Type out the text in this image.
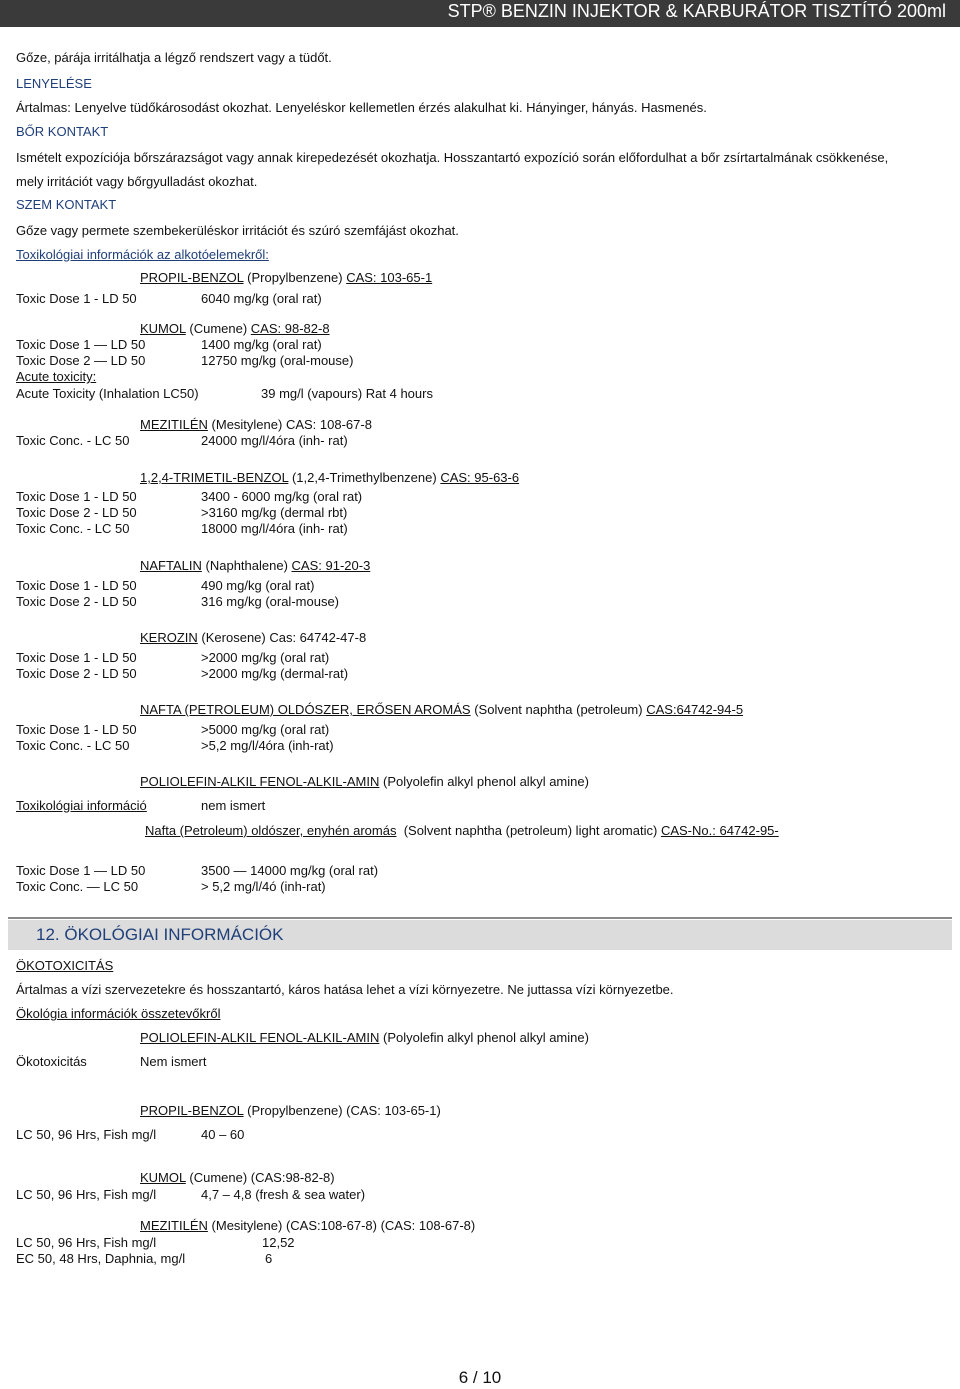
STP® BENZIN INJEKTOR & KARBURÁTOR TISZTÍTÓ 200ml
Gőze, párája irritálhatja a légző rendszert vagy a tüdőt.
LENYELÉSE
Ártalmas: Lenyelve tüdőkárosodást okozhat. Lenyeléskor kellemetlen érzés alakulhat ki. Hányinger, hányás. Hasmenés.
BŐR KONTAKT
Ismételt expozíciója bőrszárazságot vagy annak kirepedezését okozhatja. Hosszantartó expozíció során előfordulhat a bőr zsírtartalmának csökkenése,
mely irritációt vagy bőrgyulladást okozhat.
SZEM KONTAKT
Gőze vagy permete szembekerüléskor irritációt és szúró szemfájást okozhat.
Toxikológiai információk az alkotóelemekről:
PROPIL-BENZOL (Propylbenzene) CAS: 103-65-1
Toxic Dose 1 - LD 50	6040 mg/kg (oral rat)
KUMOL (Cumene) CAS: 98-82-8
Toxic Dose 1 — LD 50	1400 mg/kg (oral rat)
Toxic Dose 2 — LD 50	12750 mg/kg (oral-mouse)
Acute toxicity:
Acute Toxicity (Inhalation LC50)	39 mg/l (vapours) Rat 4 hours
MEZITILÉN (Mesitylene) CAS: 108-67-8
Toxic Conc. - LC 50	24000 mg/l/4óra (inh- rat)
1,2,4-TRIMETIL-BENZOL (1,2,4-Trimethylbenzene) CAS: 95-63-6
Toxic Dose 1 - LD 50	3400 - 6000 mg/kg (oral rat)
Toxic Dose 2 - LD 50	>3160 mg/kg (dermal rbt)
Toxic Conc. - LC 50	18000 mg/l/4óra (inh- rat)
NAFTALIN (Naphthalene) CAS: 91-20-3
Toxic Dose 1 - LD 50	490 mg/kg (oral rat)
Toxic Dose 2 - LD 50	316 mg/kg (oral-mouse)
KEROZIN (Kerosene) Cas: 64742-47-8
Toxic Dose 1 - LD 50	>2000 mg/kg (oral rat)
Toxic Dose 2 - LD 50	>2000 mg/kg (dermal-rat)
NAFTA (PETROLEUM) OLDÓSZER, ERŐSEN AROMÁS (Solvent naphtha (petroleum) CAS:64742-94-5
Toxic Dose 1 - LD 50	>5000 mg/kg (oral rat)
Toxic Conc. - LC 50	>5,2 mg/l/4óra (inh-rat)
POLIOLEFIN-ALKIL FENOL-ALKIL-AMIN (Polyolefin alkyl phenol alkyl amine)
Toxikológiai információ	nem ismert
Nafta (Petroleum) oldószer, enyhén aromás (Solvent naphtha (petroleum) light aromatic) CAS-No.: 64742-95-
Toxic Dose 1 — LD 50	3500 — 14000 mg/kg (oral rat)
Toxic Conc. — LC 50	> 5,2 mg/l/4ó (inh-rat)
12. ÖKOLÓGIAI INFORMÁCIÓK
ÖKOTOXICITÁS
Ártalmas a vízi szervezetekre és hosszantartó, káros hatása lehet a vízi környezetre. Ne juttassa vízi környezetbe.
Ökológia információk összetevőkről
POLIOLEFIN-ALKIL FENOL-ALKIL-AMIN (Polyolefin alkyl phenol alkyl amine)
Ökotoxicitás	Nem ismert
PROPIL-BENZOL (Propylbenzene) (CAS: 103-65-1)
LC 50, 96 Hrs, Fish mg/l	40 – 60
KUMOL (Cumene) (CAS:98-82-8)
LC 50, 96 Hrs, Fish mg/l	4,7 – 4,8 (fresh & sea water)
MEZITILÉN (Mesitylene) (CAS:108-67-8) (CAS: 108-67-8)
LC 50, 96 Hrs, Fish mg/l	12,52
EC 50, 48 Hrs, Daphnia, mg/l	6
6 / 10
